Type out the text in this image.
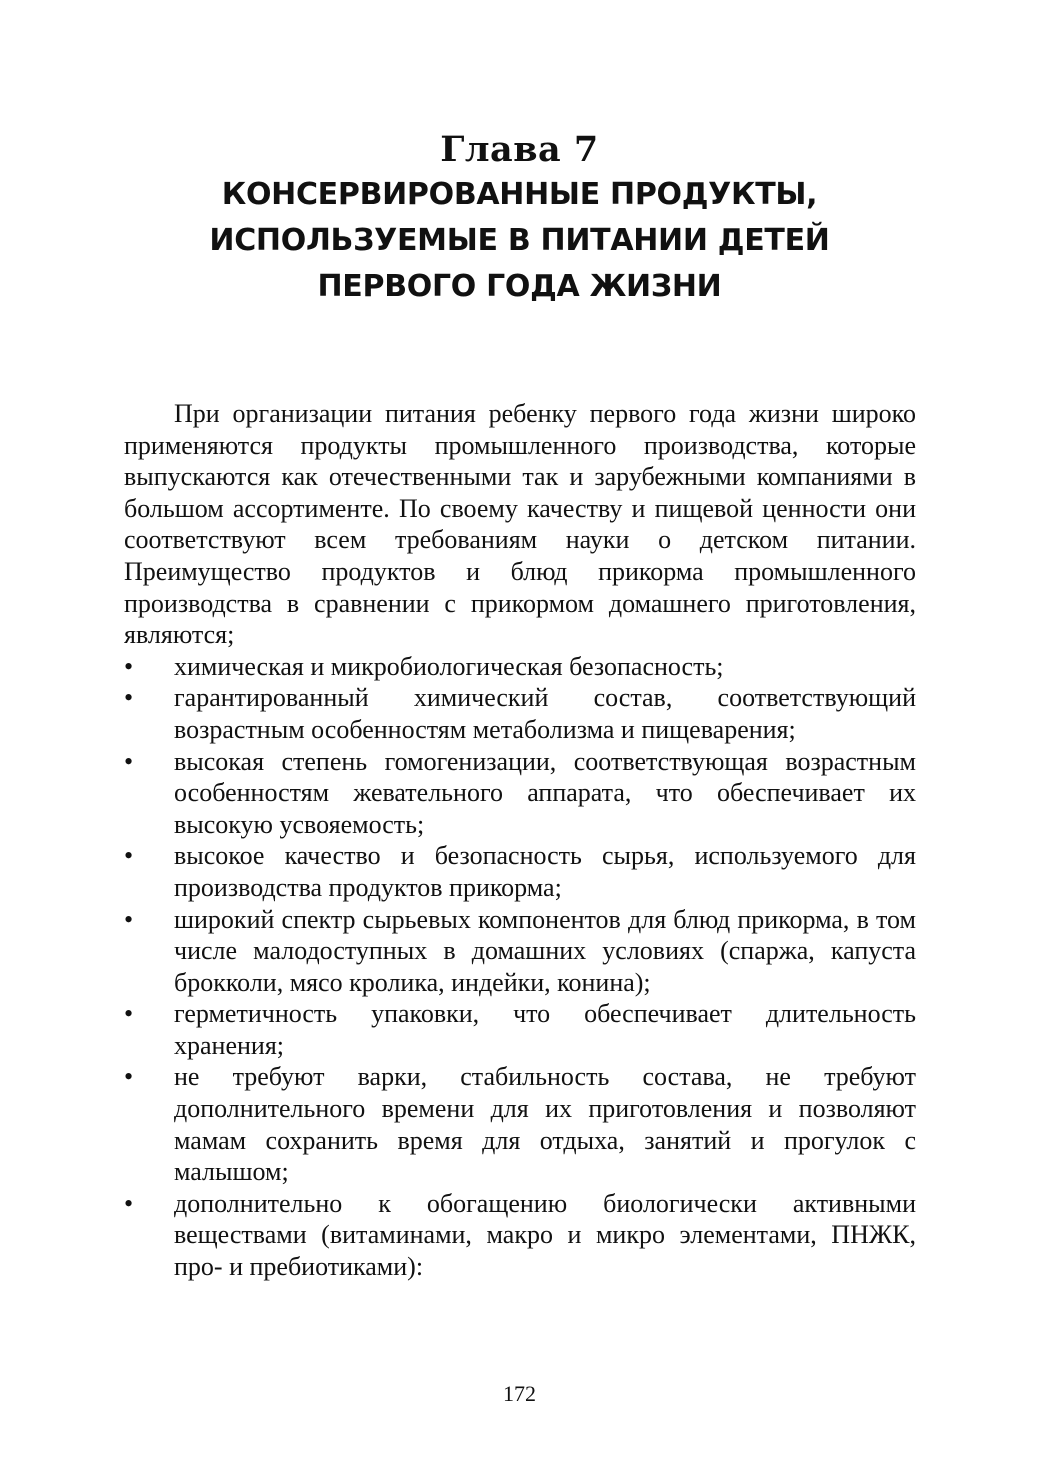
Глава 7
КОНСЕРВИРОВАННЫЕ ПРОДУКТЫ,
ИСПОЛЬЗУЕМЫЕ В ПИТАНИИ ДЕТЕЙ
ПЕРВОГО ГОДА ЖИЗНИ

При организации питания ребенку первого года жизни широко применяются продукты промышленного производства, которые выпускаются как отечественными так и зарубежными компаниями в большом ассортименте. По своему качеству и пищевой ценности они соответствуют всем требованиям науки о детском питании. Преимущество продуктов и блюд прикорма промышленного производства в сравнении с прикормом домашнего приготовления, являются;

• химическая и микробиологическая безопасность;
• гарантированный химический состав, соответствующий возрастным особенностям метаболизма и пищеварения;
• высокая степень гомогенизации, соответствующая возрастным особенностям жевательного аппарата, что обеспечивает их высокую усвояемость;
• высокое качество и безопасность сырья, используемого для производства продуктов прикорма;
• широкий спектр сырьевых компонентов для блюд прикорма, в том числе малодоступных в домашних условиях (спаржа, капуста брокколи, мясо кролика, индейки, конина);
• герметичность упаковки, что обеспечивает длительность хранения;
• не требуют варки, стабильность состава, не требуют дополнительного времени для их приготовления и позволяют мамам сохранить время для отдыха, занятий и прогулок с малышом;
• дополнительно к обогащению биологически активными веществами (витаминами, макро и микро элементами, ПНЖК, про- и пребиотиками):
172
